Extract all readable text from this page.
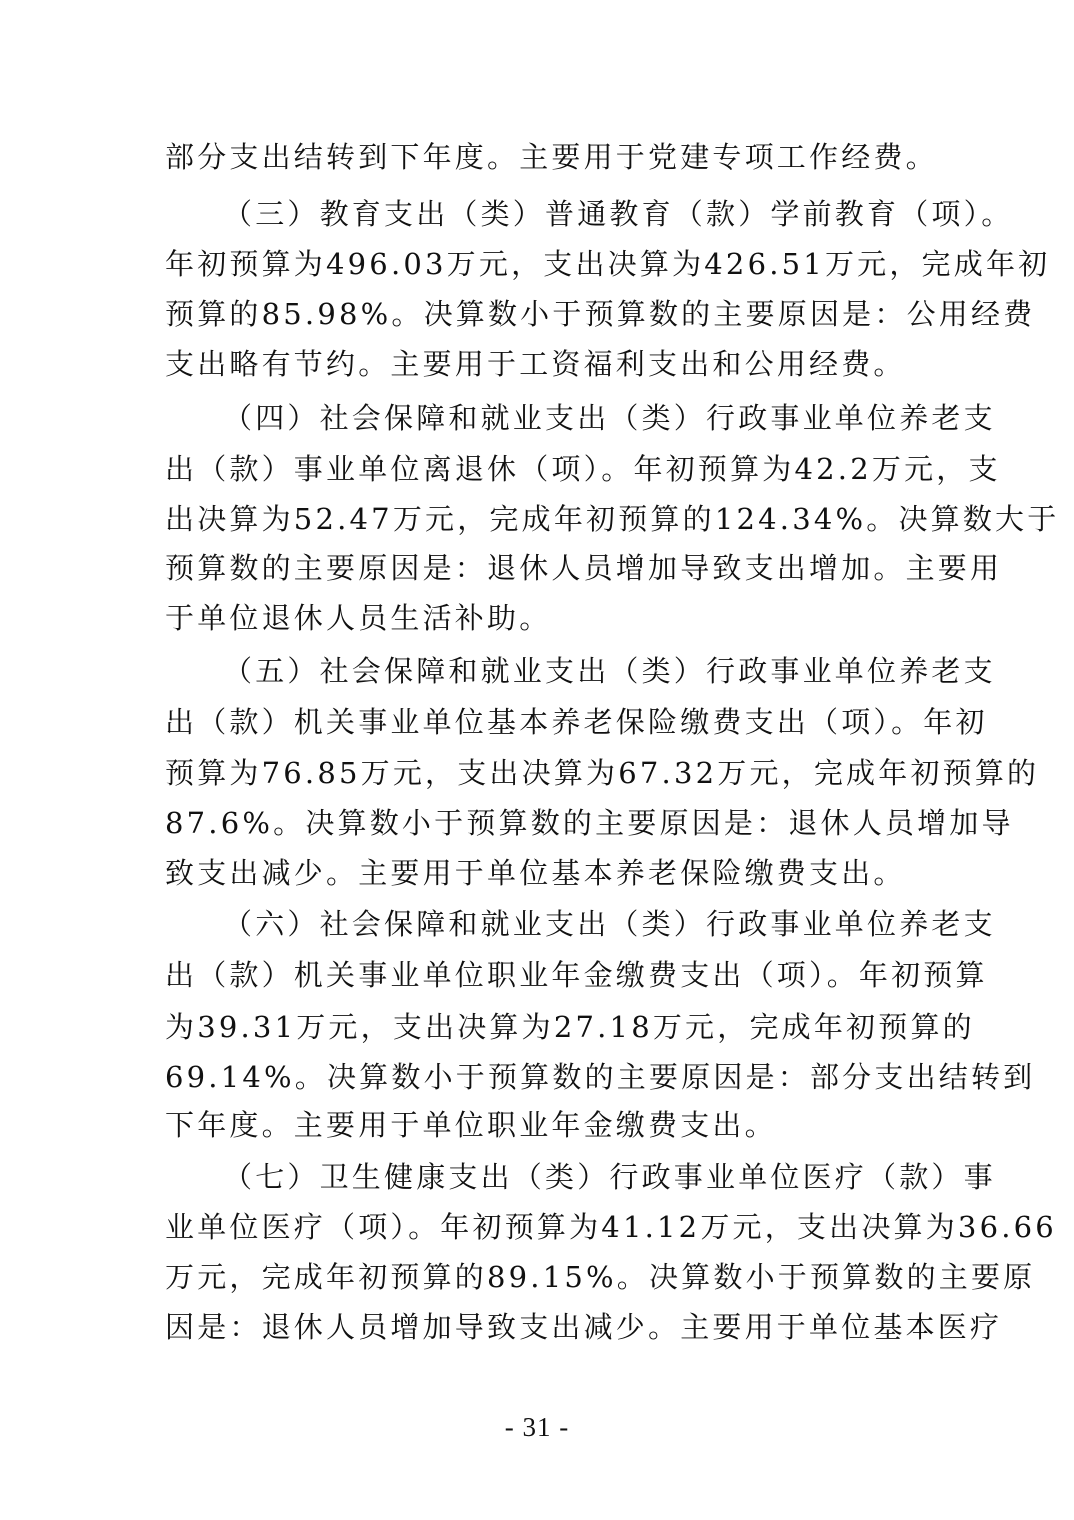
部分支出结转到下年度。主要用于党建专项工作经费。
（三）教育支出（类）普通教育（款）学前教育（项）。
年初预算为496.03万元，支出决算为426.51万元，完成年初
预算的85.98%。决算数小于预算数的主要原因是：公用经费
支出略有节约。主要用于工资福利支出和公用经费。
（四）社会保障和就业支出（类）行政事业单位养老支
出（款）事业单位离退休（项）。年初预算为42.2万元，支
出决算为52.47万元，完成年初预算的124.34%。决算数大于
预算数的主要原因是：退休人员增加导致支出增加。主要用
于单位退休人员生活补助。
（五）社会保障和就业支出（类）行政事业单位养老支
出（款）机关事业单位基本养老保险缴费支出（项）。年初
预算为76.85万元，支出决算为67.32万元，完成年初预算的
87.6%。决算数小于预算数的主要原因是：退休人员增加导
致支出减少。主要用于单位基本养老保险缴费支出。
（六）社会保障和就业支出（类）行政事业单位养老支
出（款）机关事业单位职业年金缴费支出（项）。年初预算
为39.31万元，支出决算为27.18万元，完成年初预算的
69.14%。决算数小于预算数的主要原因是：部分支出结转到
下年度。主要用于单位职业年金缴费支出。
（七）卫生健康支出（类）行政事业单位医疗（款）事
业单位医疗（项）。年初预算为41.12万元，支出决算为36.66
万元，完成年初预算的89.15%。决算数小于预算数的主要原
因是：退休人员增加导致支出减少。主要用于单位基本医疗
- 31 -
